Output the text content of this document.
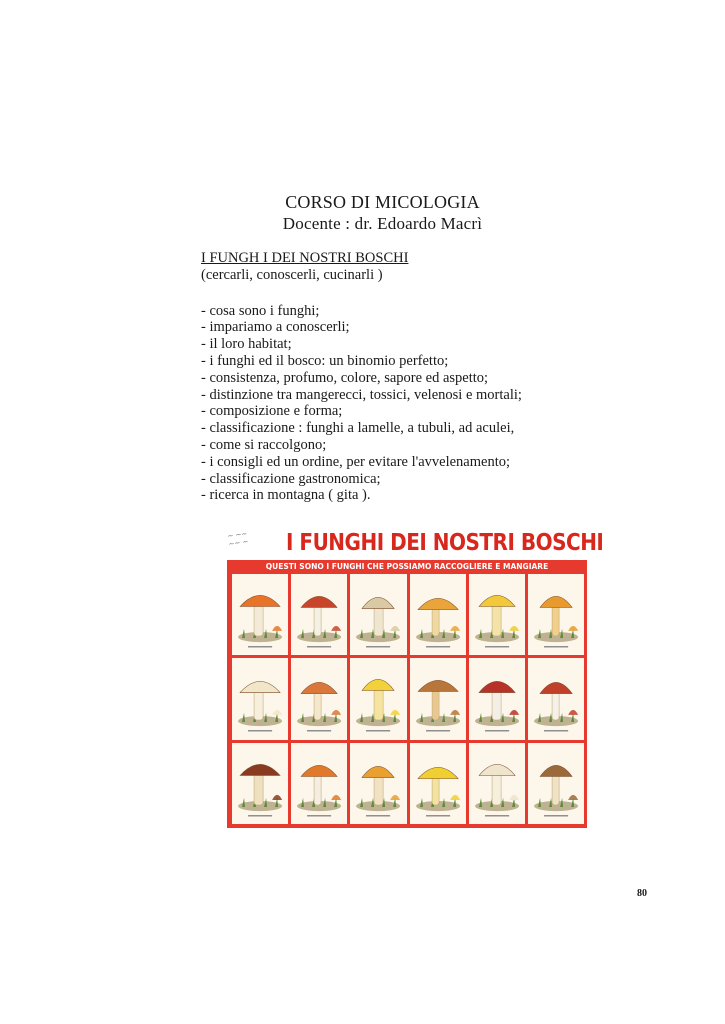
CORSO DI MICOLOGIA
Docente : dr. Edoardo Macrì
I FUNGH I DEI NOSTRI BOSCHI
(cercarli, conoscerli, cucinarli )
- cosa sono i funghi;
- impariamo a conoscerli;
- il loro habitat;
- i funghi ed il bosco: un binomio perfetto;
- consistenza, profumo, colore, sapore ed aspetto;
- distinzione tra mangerecci, tossici, velenosi e mortali;
- composizione e forma;
- classificazione : funghi a lamelle, a tubuli, ad aculei,
- come si raccolgono;
- i consigli ed un ordine, per evitare l'avvelenamento;
- classificazione gastronomica;
- ricerca in montagna ( gita ).
~ ~~
~~ ~ I FUNGHI DEI NOSTRI BOSCHI
QUESTI SONO I FUNGHI CHE POSSIAMO RACCOGLIERE E MANGIARE
80
